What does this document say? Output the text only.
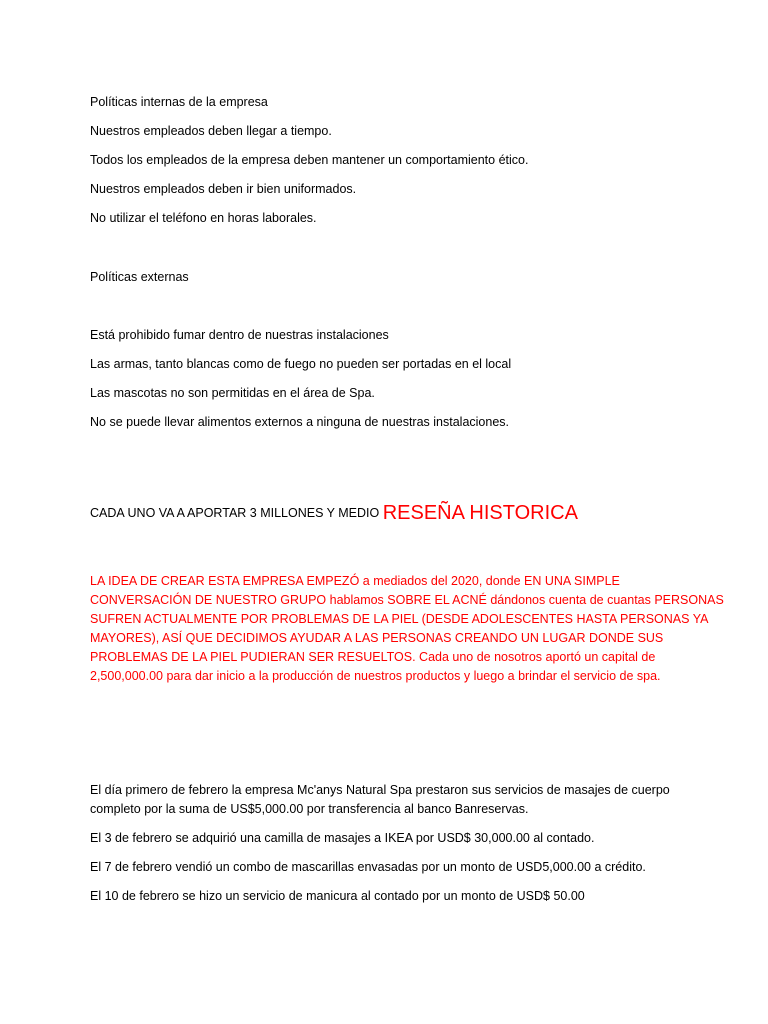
Políticas internas de la empresa
Nuestros empleados deben llegar a tiempo.
Todos los empleados de la empresa deben mantener un comportamiento ético.
Nuestros empleados deben ir bien uniformados.
No utilizar el teléfono en horas laborales.
Políticas externas
Está prohibido fumar dentro de nuestras instalaciones
Las armas, tanto blancas como de fuego no pueden ser portadas en el local
Las mascotas no son permitidas en el área de Spa.
No se puede llevar alimentos externos a ninguna de nuestras instalaciones.
CADA UNO VA A APORTAR 3 MILLONES Y MEDIO RESEÑA HISTORICA
LA IDEA DE CREAR ESTA EMPRESA EMPEZÓ a mediados del 2020, donde EN UNA SIMPLE
CONVERSACIÓN DE NUESTRO GRUPO hablamos SOBRE EL ACNÉ dándonos cuenta de cuantas PERSONAS
SUFREN ACTUALMENTE POR PROBLEMAS DE LA PIEL (DESDE ADOLESCENTES HASTA PERSONAS YA
MAYORES), ASÍ QUE DECIDIMOS AYUDAR A LAS PERSONAS CREANDO UN LUGAR DONDE SUS
PROBLEMAS DE LA PIEL PUDIERAN SER RESUELTOS. Cada uno de nosotros aportó un capital de
2,500,000.00 para dar inicio a la producción de nuestros productos y luego a brindar el servicio de spa.
El día primero de febrero la empresa Mc'anys Natural Spa prestaron sus servicios de masajes de cuerpo
completo por la suma de US$5,000.00 por transferencia al banco Banreservas.
El 3 de febrero se adquirió una camilla de masajes a IKEA por USD$ 30,000.00 al contado.
El 7 de febrero vendió un combo de mascarillas envasadas por un monto de USD5,000.00 a crédito.
El 10 de febrero se hizo un servicio de manicura al contado por un monto de USD$ 50.00
